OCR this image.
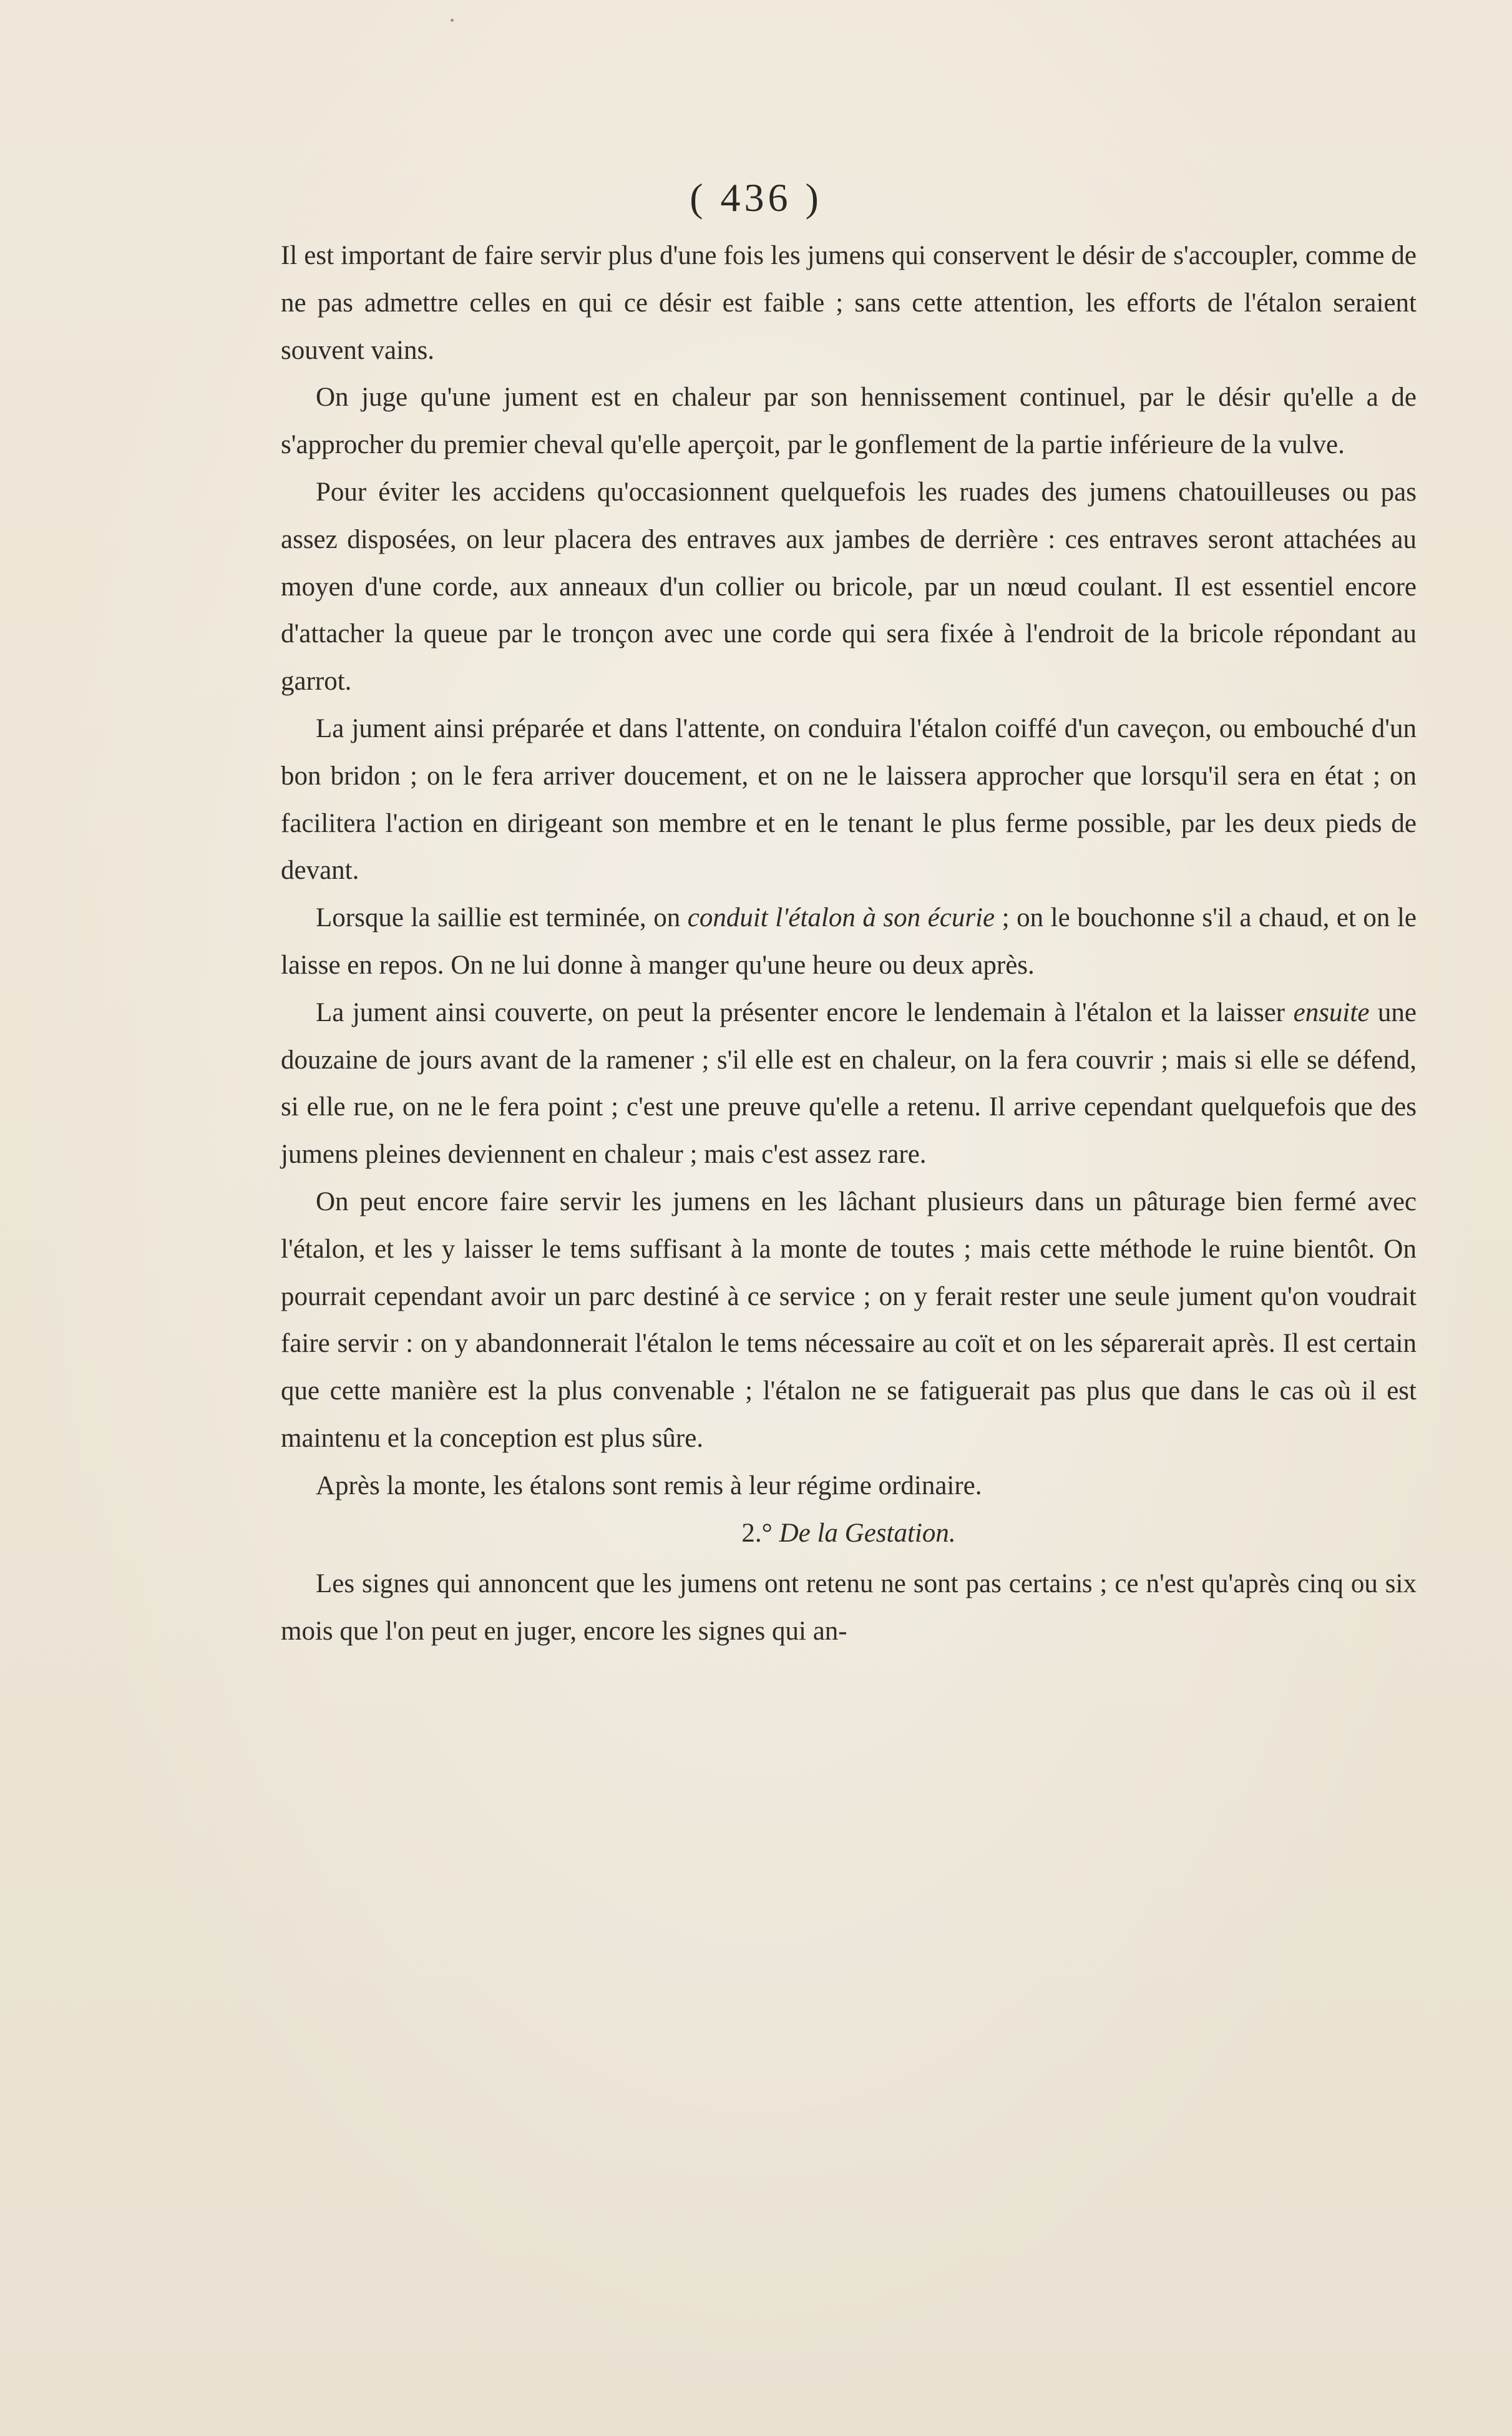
( 436 )

Il est important de faire servir plus d'une fois les jumens qui conservent le désir de s'accoupler, comme de ne pas admettre celles en qui ce désir est faible ; sans cette attention, les efforts de l'étalon seraient souvent vains.

On juge qu'une jument est en chaleur par son hennissement continuel, par le désir qu'elle a de s'approcher du premier cheval qu'elle aperçoit, par le gonflement de la partie inférieure de la vulve.

Pour éviter les accidens qu'occasionnent quelquefois les ruades des jumens chatouilleuses ou pas assez disposées, on leur placera des entraves aux jambes de derrière : ces entraves seront attachées au moyen d'une corde, aux anneaux d'un collier ou bricole, par un nœud coulant. Il est essentiel encore d'attacher la queue par le tronçon avec une corde qui sera fixée à l'endroit de la bricole répondant au garrot.

La jument ainsi préparée et dans l'attente, on conduira l'étalon coiffé d'un caveçon, ou embouché d'un bon bridon ; on le fera arriver doucement, et on ne le laissera approcher que lorsqu'il sera en état ; on facilitera l'action en dirigeant son membre et en le tenant le plus ferme possible, par les deux pieds de devant.

Lorsque la saillie est terminée, on conduit l'étalon à son écurie ; on le bouchonne s'il a chaud, et on le laisse en repos. On ne lui donne à manger qu'une heure ou deux après.

La jument ainsi couverte, on peut la présenter encore le lendemain à l'étalon et la laisser ensuite une douzaine de jours avant de la ramener ; s'il elle est en chaleur, on la fera couvrir ; mais si elle se défend, si elle rue, on ne le fera point ; c'est une preuve qu'elle a retenu. Il arrive cependant quelquefois que des jumens pleines deviennent en chaleur ; mais c'est assez rare.

On peut encore faire servir les jumens en les lâchant plusieurs dans un pâturage bien fermé avec l'étalon, et les y laisser le tems suffisant à la monte de toutes ; mais cette méthode le ruine bientôt. On pourrait cependant avoir un parc destiné à ce service ; on y ferait rester une seule jument qu'on voudrait faire servir : on y abandonnerait l'étalon le tems nécessaire au coït et on les séparerait après. Il est certain que cette manière est la plus convenable ; l'étalon ne se fatiguerait pas plus que dans le cas où il est maintenu et la conception est plus sûre.

Après la monte, les étalons sont remis à leur régime ordinaire.

2.° De la Gestation.

Les signes qui annoncent que les jumens ont retenu ne sont pas certains ; ce n'est qu'après cinq ou six mois que l'on peut en juger, encore les signes qui an-
